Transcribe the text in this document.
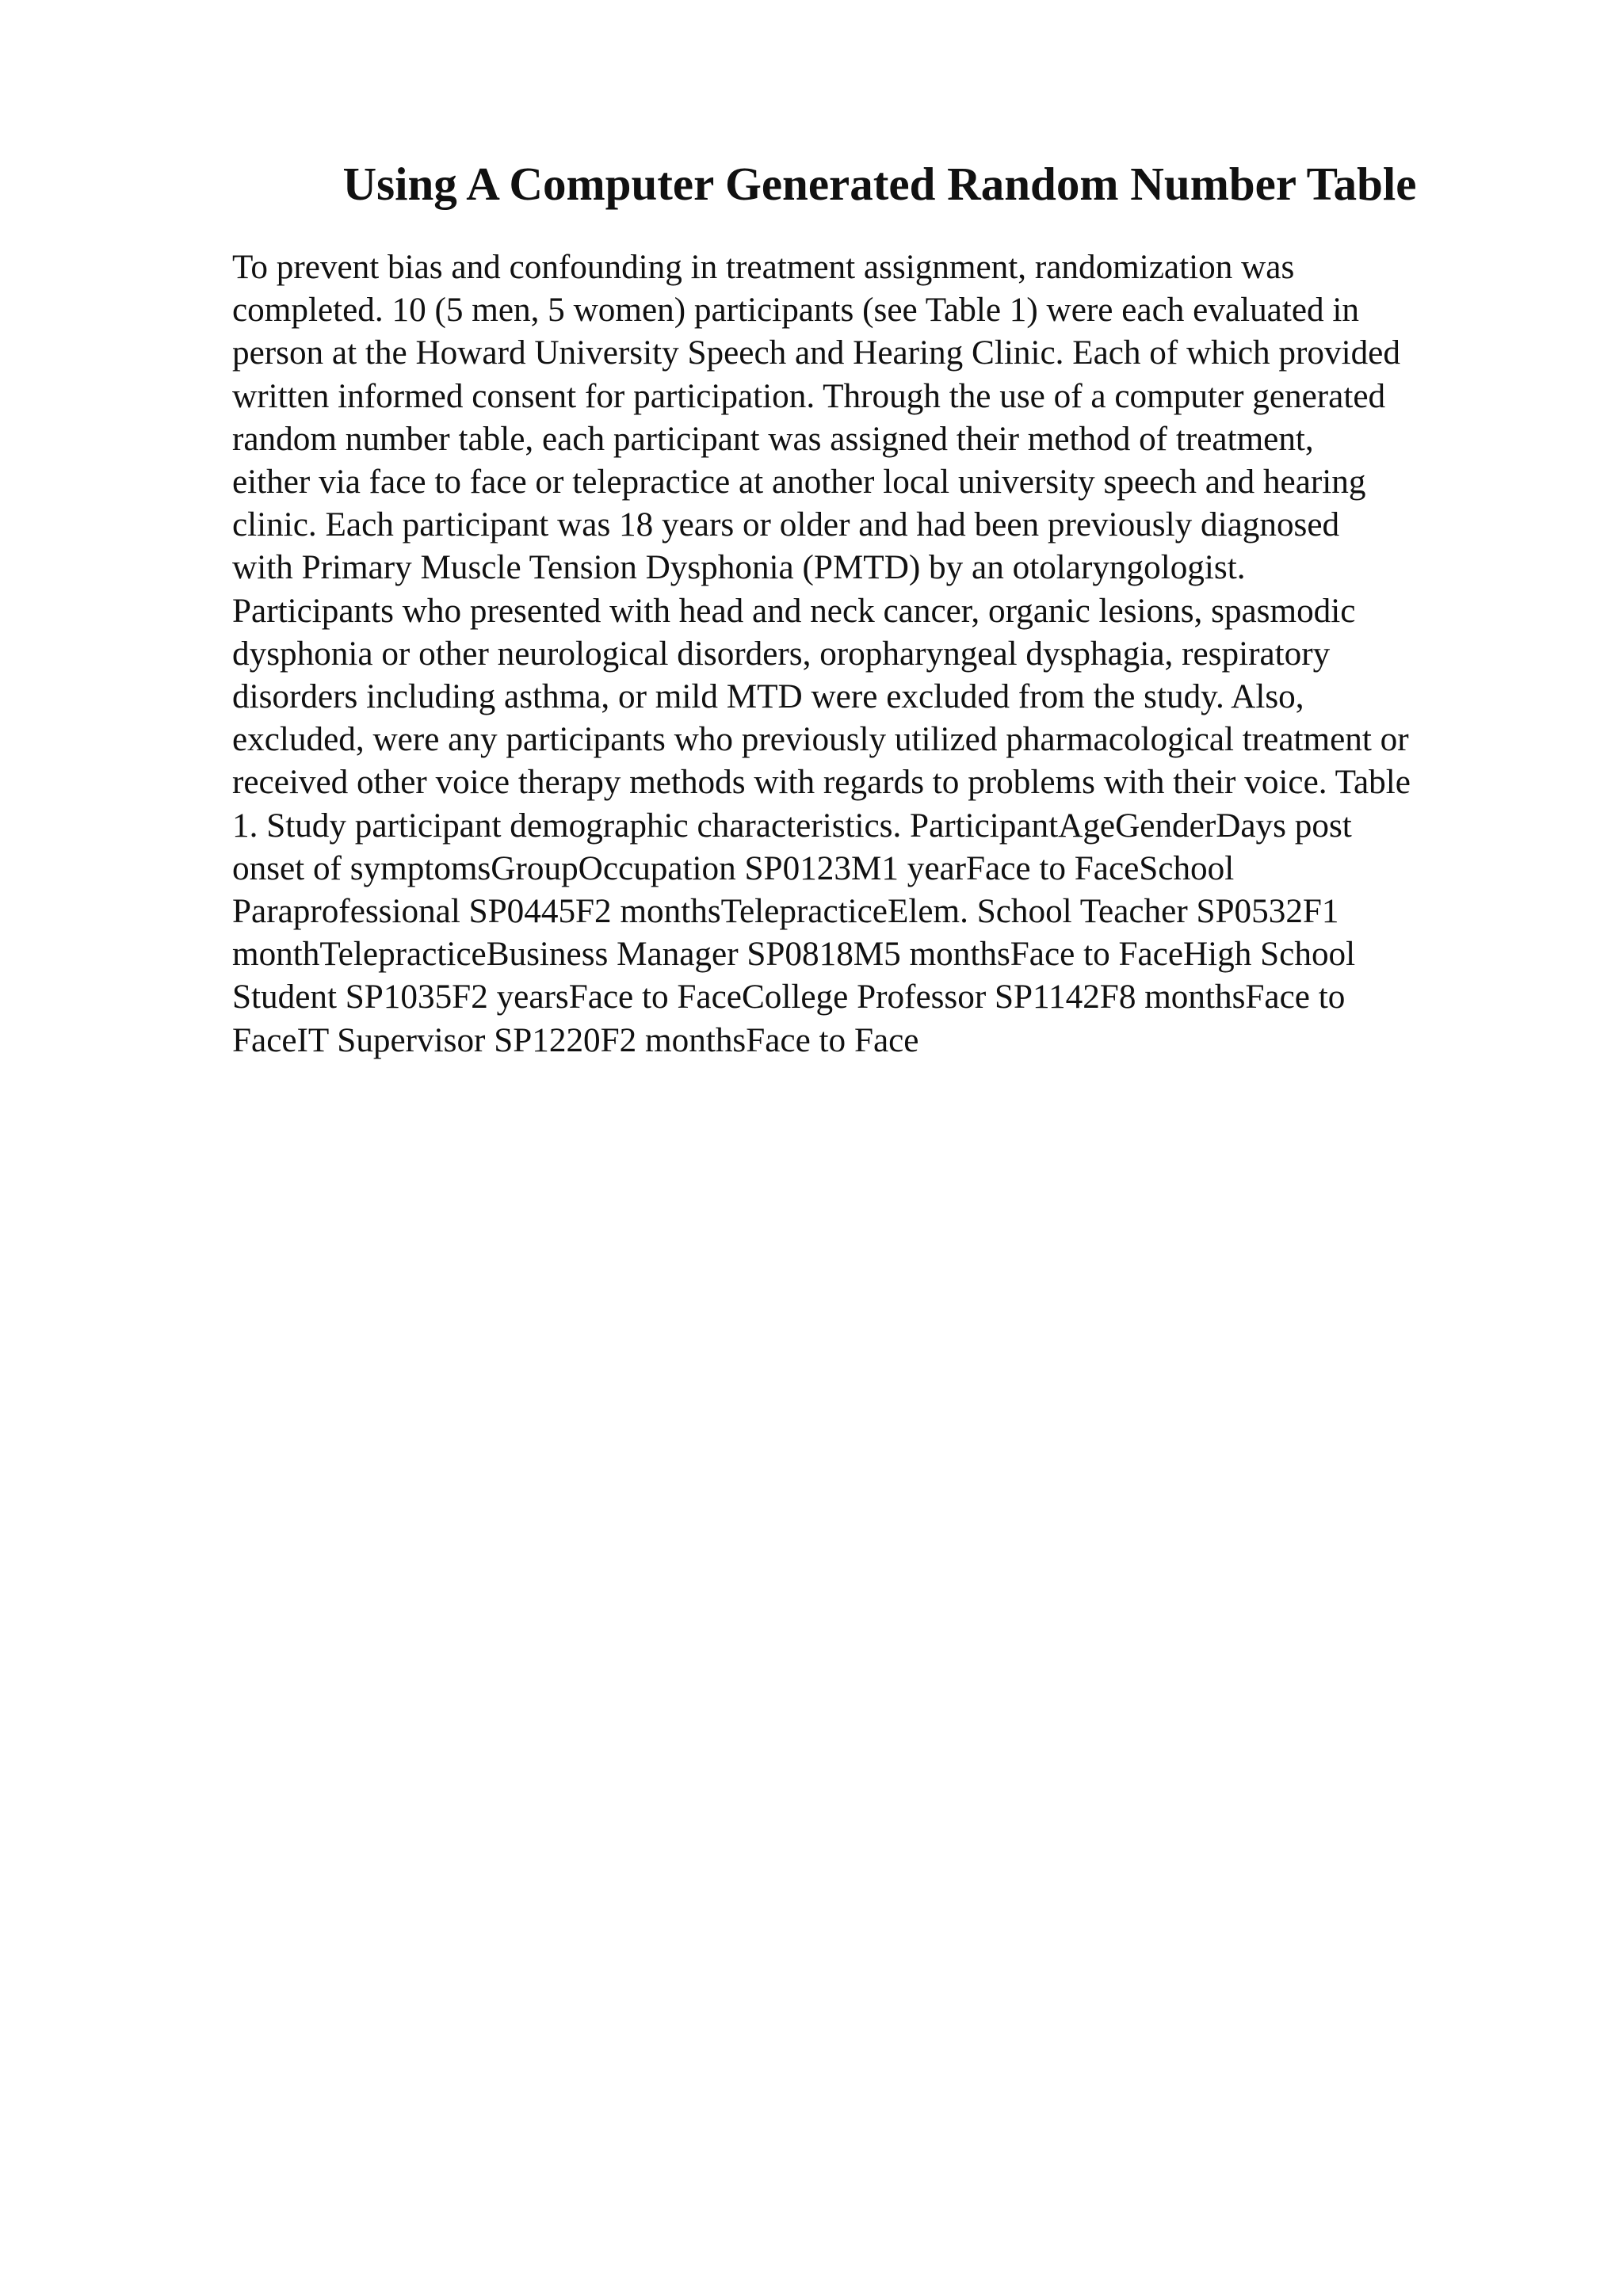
Using A Computer Generated Random Number Table
To prevent bias and confounding in treatment assignment, randomization was
completed. 10 (5 men, 5 women) participants (see Table 1) were each evaluated in
person at the Howard University Speech and Hearing Clinic. Each of which provided
written informed consent for participation. Through the use of a computer generated
random number table, each participant was assigned their method of treatment,
either via face to face or telepractice at another local university speech and hearing
clinic. Each participant was 18 years or older and had been previously diagnosed
with Primary Muscle Tension Dysphonia (PMTD) by an otolaryngologist.
Participants who presented with head and neck cancer, organic lesions, spasmodic
dysphonia or other neurological disorders, oropharyngeal dysphagia, respiratory
disorders including asthma, or mild MTD were excluded from the study. Also,
excluded, were any participants who previously utilized pharmacological treatment or
received other voice therapy methods with regards to problems with their voice. Table
1. Study participant demographic characteristics. ParticipantAgeGenderDays post
onset of symptomsGroupOccupation SP0123M1 yearFace to FaceSchool
Paraprofessional SP0445F2 monthsTelepracticeElem. School Teacher SP0532F1
monthTelepracticeBusiness Manager SP0818M5 monthsFace to FaceHigh School
Student SP1035F2 yearsFace to FaceCollege Professor SP1142F8 monthsFace to
FaceIT Supervisor SP1220F2 monthsFace to Face
